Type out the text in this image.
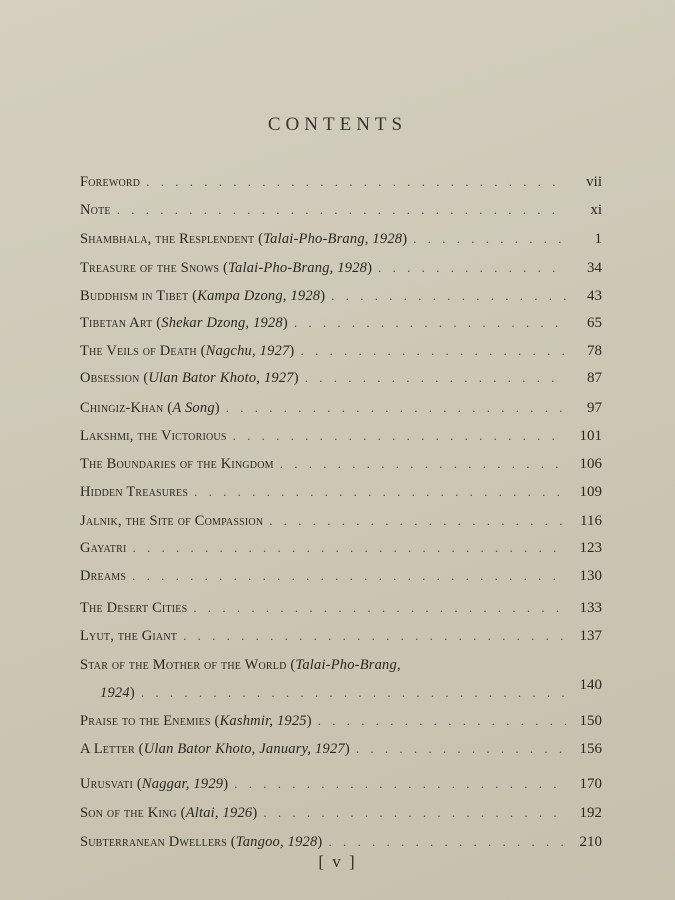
CONTENTS
Foreword . . .	vii
Note . . .	xi
Shambhala, the Resplendent (Talai-Pho-Brang, 1928) . . .	1
Treasure of the Snows (Talai-Pho-Brang, 1928) . . .	34
Buddhism in Tibet (Kampa Dzong, 1928) . . .	43
Tibetan Art (Shekar Dzong, 1928) . . .	65
The Veils of Death (Nagchu, 1927) . . .	78
Obsession (Ulan Bator Khoto, 1927) . . .	87
Chingiz-Khan (A Song) . . .	97
Lakshmi, the Victorious . . .	101
The Boundaries of the Kingdom . . .	106
Hidden Treasures . . .	109
Jalnik, the Site of Compassion . . .	116
Gayatri . . .	123
Dreams . . .	130
The Desert Cities . . .	133
Lyut, the Giant . . .	137
Star of the Mother of the World (Talai-Pho-Brang,
1924) . . .	140
Praise to the Enemies (Kashmir, 1925) . . .	150
A Letter (Ulan Bator Khoto, January, 1927) . . .	156
Urusvati (Naggar, 1929) . . .	170
Son of the King (Altai, 1926) . . .	192
Subterranean Dwellers (Tangoo, 1928) . . .	210
[ v ]
